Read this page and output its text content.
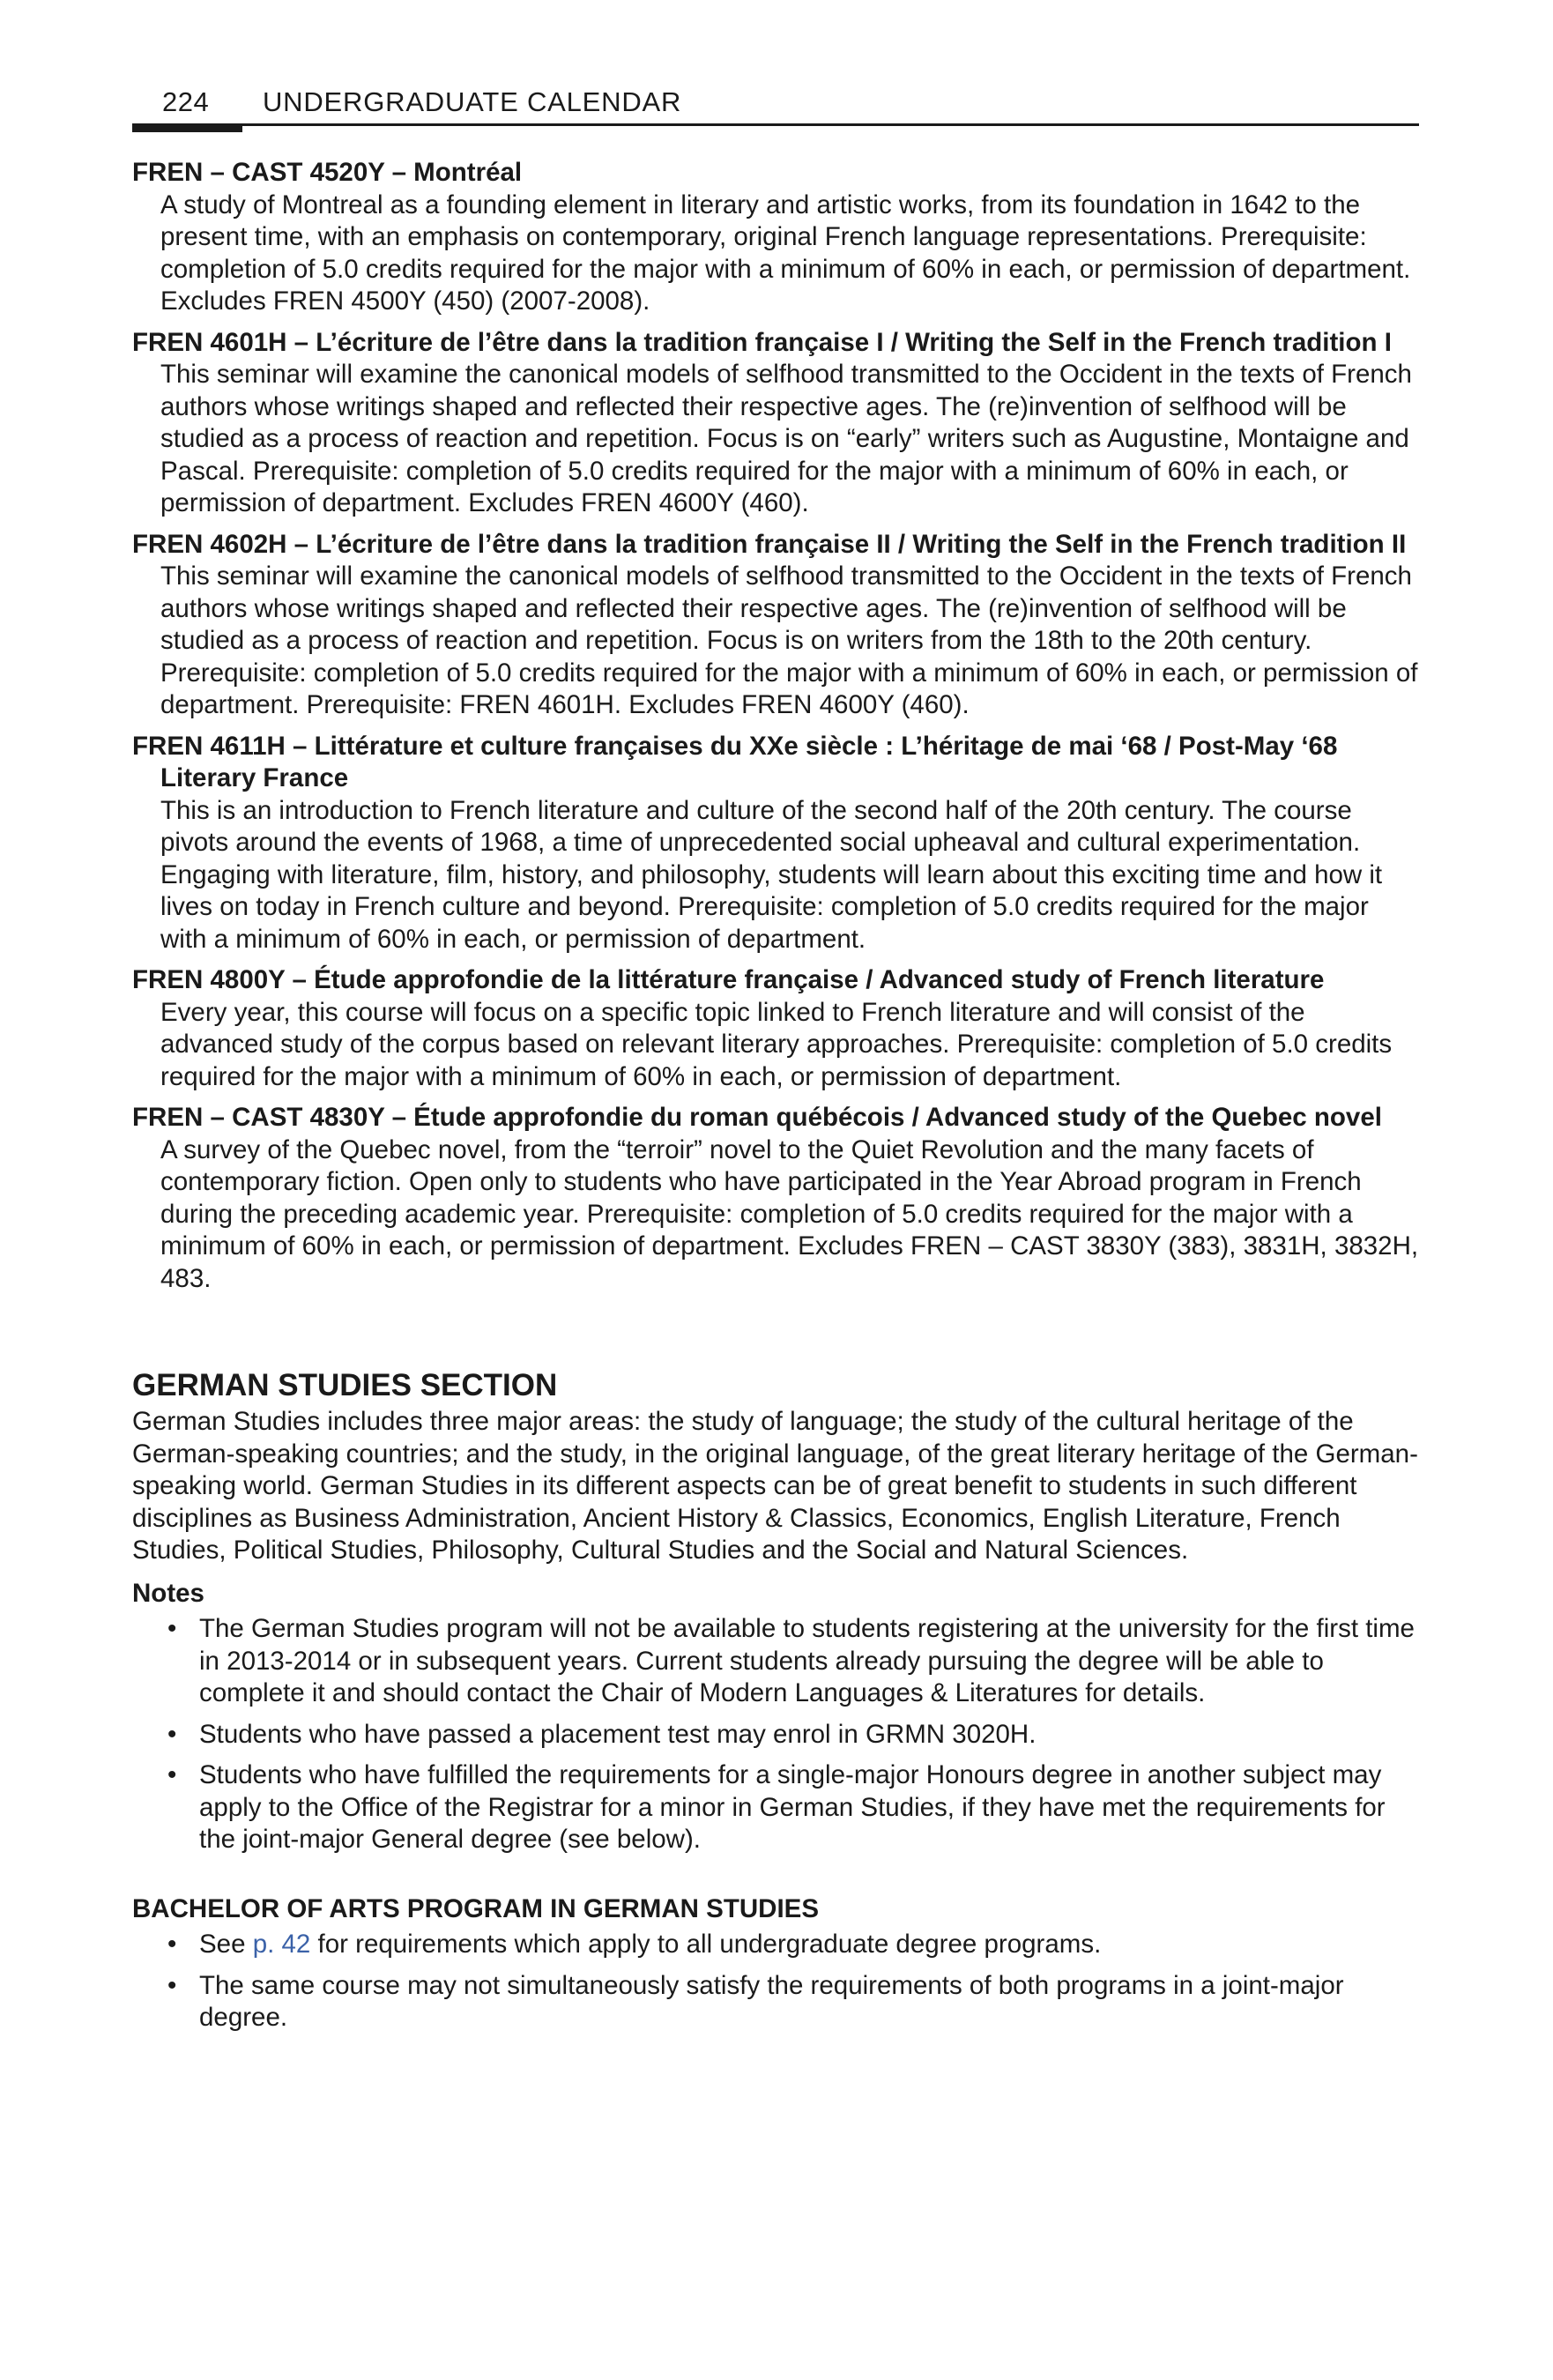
224 UNDERGRADUATE CALENDAR
FREN – CAST 4520Y – Montréal
A study of Montreal as a founding element in literary and artistic works, from its foundation in 1642 to the present time, with an emphasis on contemporary, original French language representations. Prerequisite: completion of 5.0 credits required for the major with a minimum of 60% in each, or permission of department. Excludes FREN 4500Y (450) (2007-2008).
FREN 4601H – L’écriture de l’être dans la tradition française I / Writing the Self in the French tradition I
This seminar will examine the canonical models of selfhood transmitted to the Occident in the texts of French authors whose writings shaped and reflected their respective ages. The (re)invention of selfhood will be studied as a process of reaction and repetition. Focus is on “early” writers such as Augustine, Montaigne and Pascal. Prerequisite: completion of 5.0 credits required for the major with a minimum of 60% in each, or permission of department. Excludes FREN 4600Y (460).
FREN 4602H – L’écriture de l’être dans la tradition française II / Writing the Self in the French tradition II
This seminar will examine the canonical models of selfhood transmitted to the Occident in the texts of French authors whose writings shaped and reflected their respective ages. The (re)invention of selfhood will be studied as a process of reaction and repetition. Focus is on writers from the 18th to the 20th century. Prerequisite: completion of 5.0 credits required for the major with a minimum of 60% in each, or permission of department. Prerequisite: FREN 4601H. Excludes FREN 4600Y (460).
FREN 4611H – Littérature et culture françaises du XXe siècle : L’héritage de mai ‘68 / Post-May ‘68 Literary France
This is an introduction to French literature and culture of the second half of the 20th century. The course pivots around the events of 1968, a time of unprecedented social upheaval and cultural experimentation. Engaging with literature, film, history, and philosophy, students will learn about this exciting time and how it lives on today in French culture and beyond. Prerequisite: completion of 5.0 credits required for the major with a minimum of 60% in each, or permission of department.
FREN 4800Y – Étude approfondie de la littérature française / Advanced study of French literature
Every year, this course will focus on a specific topic linked to French literature and will consist of the advanced study of the corpus based on relevant literary approaches. Prerequisite: completion of 5.0 credits required for the major with a minimum of 60% in each, or permission of department.
FREN – CAST 4830Y – Étude approfondie du roman québécois / Advanced study of the Quebec novel
A survey of the Quebec novel, from the “terroir” novel to the Quiet Revolution and the many facets of contemporary fiction. Open only to students who have participated in the Year Abroad program in French during the preceding academic year. Prerequisite: completion of 5.0 credits required for the major with a minimum of 60% in each, or permission of department. Excludes FREN – CAST 3830Y (383), 3831H, 3832H, 483.
GERMAN STUDIES SECTION
German Studies includes three major areas: the study of language; the study of the cultural heritage of the German-speaking countries; and the study, in the original language, of the great literary heritage of the German-speaking world. German Studies in its different aspects can be of great benefit to students in such different disciplines as Business Administration, Ancient History & Classics, Economics, English Literature, French Studies, Political Studies, Philosophy, Cultural Studies and the Social and Natural Sciences.
Notes
• The German Studies program will not be available to students registering at the university for the first time in 2013-2014 or in subsequent years. Current students already pursuing the degree will be able to complete it and should contact the Chair of Modern Languages & Literatures for details.
• Students who have passed a placement test may enrol in GRMN 3020H.
• Students who have fulfilled the requirements for a single-major Honours degree in another subject may apply to the Office of the Registrar for a minor in German Studies, if they have met the requirements for the joint-major General degree (see below).
BACHELOR OF ARTS PROGRAM IN GERMAN STUDIES
• See p. 42 for requirements which apply to all undergraduate degree programs.
• The same course may not simultaneously satisfy the requirements of both programs in a joint-major degree.
